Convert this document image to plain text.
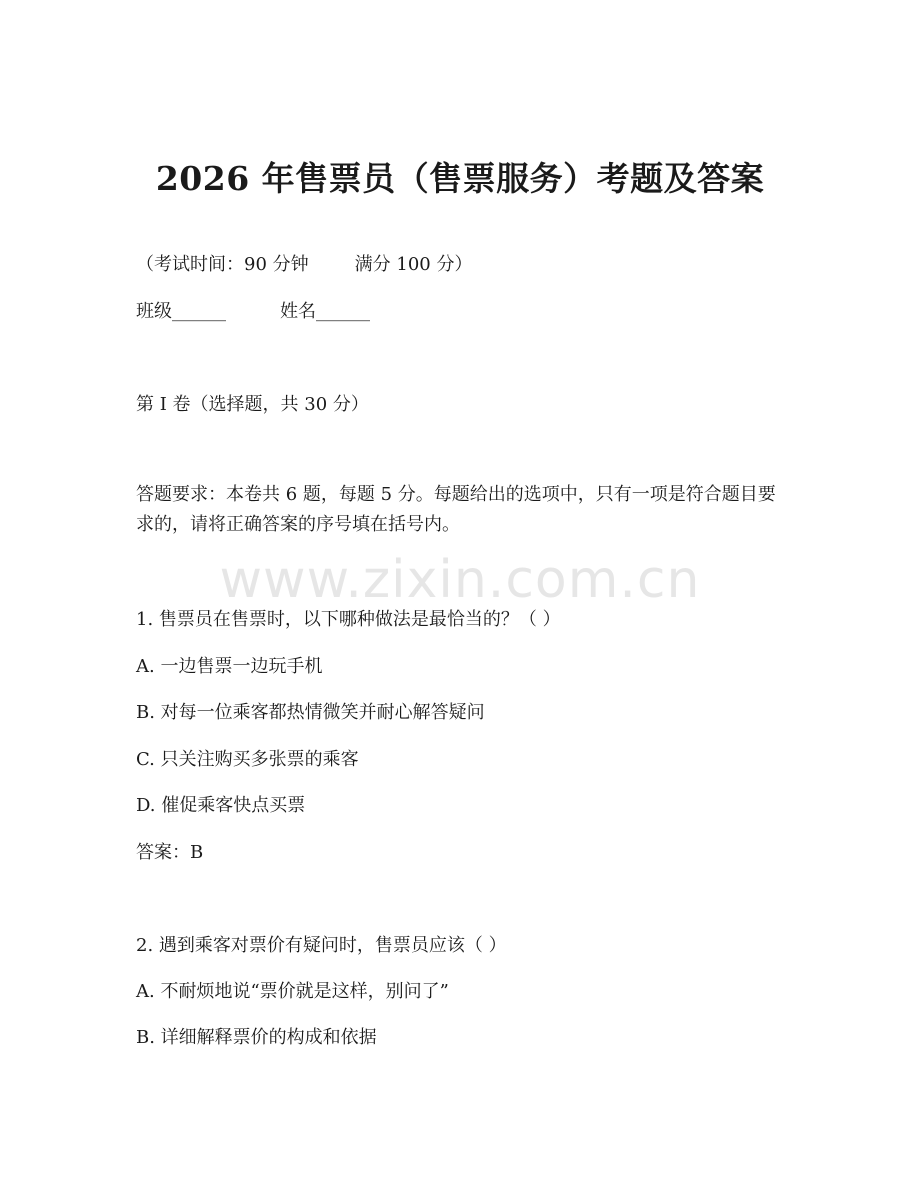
www.zixin.com.cn
2026 年售票员（售票服务）考题及答案
（考试时间：90 分钟	满分 100 分）
班级______	姓名______
第 I 卷（选择题，共 30 分）
答题要求：本卷共 6 题，每题 5 分。每题给出的选项中，只有一项是符合题目要求的，请将正确答案的序号填在括号内。
1. 售票员在售票时，以下哪种做法是最恰当的？（ ）
A. 一边售票一边玩手机
B. 对每一位乘客都热情微笑并耐心解答疑问
C. 只关注购买多张票的乘客
D. 催促乘客快点买票
答案：B
2. 遇到乘客对票价有疑问时，售票员应该（ ）
A. 不耐烦地说“票价就是这样，别问了”
B. 详细解释票价的构成和依据
